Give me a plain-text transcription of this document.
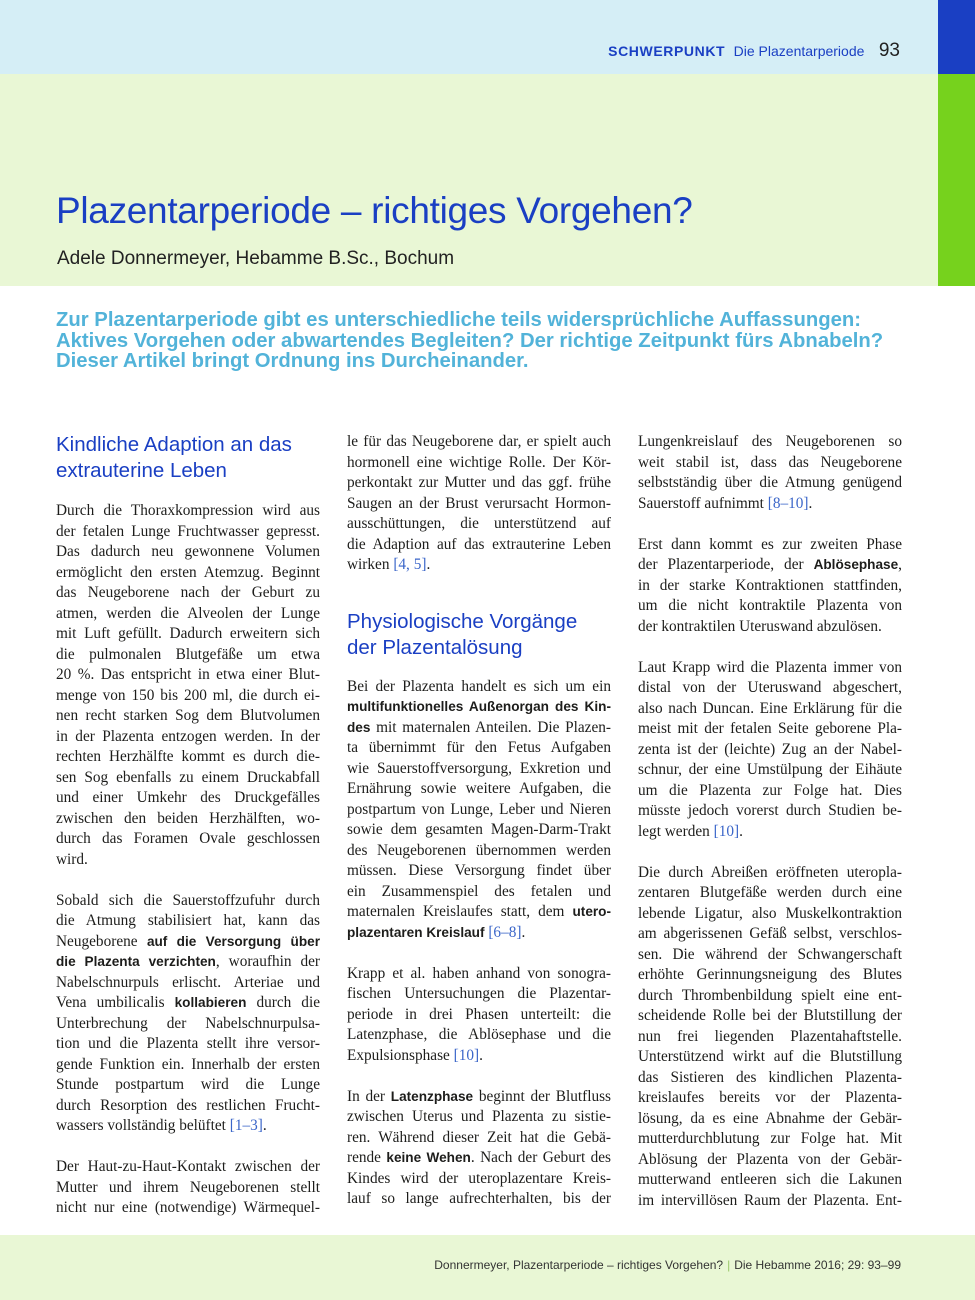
SCHWERPUNKT Die Plazentarperiode 93
Plazentarperiode – richtiges Vorgehen?
Adele Donnermeyer, Hebamme B.Sc., Bochum
Zur Plazentarperiode gibt es unterschiedliche teils widersprüchliche Auffassungen:
Aktives Vorgehen oder abwartendes Begleiten? Der richtige Zeitpunkt fürs Abnabeln?
Dieser Artikel bringt Ordnung ins Durcheinander.
Kindliche Adaption an das
extrauterine Leben
Durch die Thoraxkompression wird aus
der fetalen Lunge Fruchtwasser gepresst.
Das dadurch neu gewonnene Volumen
ermöglicht den ersten Atemzug. Beginnt
das Neugeborene nach der Geburt zu
atmen, werden die Alveolen der Lunge
mit Luft gefüllt. Dadurch erweitern sich
die pulmonalen Blutgefäße um etwa
20 %. Das entspricht in etwa einer Blut-
menge von 150 bis 200 ml, die durch ei-
nen recht starken Sog dem Blutvolumen
in der Plazenta entzogen werden. In der
rechten Herzhälfte kommt es durch die-
sen Sog ebenfalls zu einem Druckabfall
und einer Umkehr des Druckgefälles
zwischen den beiden Herzhälften, wo-
durch das Foramen Ovale geschlossen
wird.
Sobald sich die Sauerstoffzufuhr durch
die Atmung stabilisiert hat, kann das
Neugeborene auf die Versorgung über
die Plazenta verzichten, woraufhin der
Nabelschnurpuls erlischt. Arteriae und
Vena umbilicalis kollabieren durch die
Unterbrechung der Nabelschnurpulsa-
tion und die Plazenta stellt ihre versor-
gende Funktion ein. Innerhalb der ersten
Stunde postpartum wird die Lunge
durch Resorption des restlichen Frucht-
wassers vollständig belüftet [1–3].
Der Haut-zu-Haut-Kontakt zwischen der
Mutter und ihrem Neugeborenen stellt
nicht nur eine (notwendige) Wärmequel-
le für das Neugeborene dar, er spielt auch
hormonell eine wichtige Rolle. Der Kör-
perkontakt zur Mutter und das ggf. frühe
Saugen an der Brust verursacht Hormon-
ausschüttungen, die unterstützend auf
die Adaption auf das extrauterine Leben
wirken [4, 5].
Physiologische Vorgänge
der Plazentalösung
Bei der Plazenta handelt es sich um ein
multifunktionelles Außenorgan des Kin-
des mit maternalen Anteilen. Die Plazen-
ta übernimmt für den Fetus Aufgaben
wie Sauerstoffversorgung, Exkretion und
Ernährung sowie weitere Aufgaben, die
postpartum von Lunge, Leber und Nieren
sowie dem gesamten Magen-Darm-Trakt
des Neugeborenen übernommen werden
müssen. Diese Versorgung findet über
ein Zusammenspiel des fetalen und
maternalen Kreislaufes statt, dem utero-
plazentaren Kreislauf [6–8].
Krapp et al. haben anhand von sonogra-
fischen Untersuchungen die Plazentar-
periode in drei Phasen unterteilt: die
Latenzphase, die Ablösephase und die
Expulsionsphase [10].
In der Latenzphase beginnt der Blutfluss
zwischen Uterus und Plazenta zu sistie-
ren. Während dieser Zeit hat die Gebä-
rende keine Wehen. Nach der Geburt des
Kindes wird der uteroplazentare Kreis-
lauf so lange aufrechterhalten, bis der
Lungenkreislauf des Neugeborenen so
weit stabil ist, dass das Neugeborene
selbstständig über die Atmung genügend
Sauerstoff aufnimmt [8–10].
Erst dann kommt es zur zweiten Phase
der Plazentarperiode, der Ablösephase,
in der starke Kontraktionen stattfinden,
um die nicht kontraktile Plazenta von
der kontraktilen Uteruswand abzulösen.
Laut Krapp wird die Plazenta immer von
distal von der Uteruswand abgeschert,
also nach Duncan. Eine Erklärung für die
meist mit der fetalen Seite geborene Pla-
zenta ist der (leichte) Zug an der Nabel-
schnur, der eine Umstülpung der Eihäute
um die Plazenta zur Folge hat. Dies
müsste jedoch vorerst durch Studien be-
legt werden [10].
Die durch Abreißen eröffneten uteropla-
zentaren Blutgefäße werden durch eine
lebende Ligatur, also Muskelkontraktion
am abgerissenen Gefäß selbst, verschlos-
sen. Die während der Schwangerschaft
erhöhte Gerinnungsneigung des Blutes
durch Thrombenbildung spielt eine ent-
scheidende Rolle bei der Blutstillung der
nun frei liegenden Plazentahaftstelle.
Unterstützend wirkt auf die Blutstillung
das Sistieren des kindlichen Plazenta-
kreislaufes bereits vor der Plazenta-
lösung, da es eine Abnahme der Gebär-
mutterdurchblutung zur Folge hat. Mit
Ablösung der Plazenta von der Gebär-
mutterwand entleeren sich die Lakunen
im intervillösen Raum der Plazenta. Ent-
Donnermeyer, Plazentarperiode – richtiges Vorgehen? | Die Hebamme 2016; 29: 93–99
